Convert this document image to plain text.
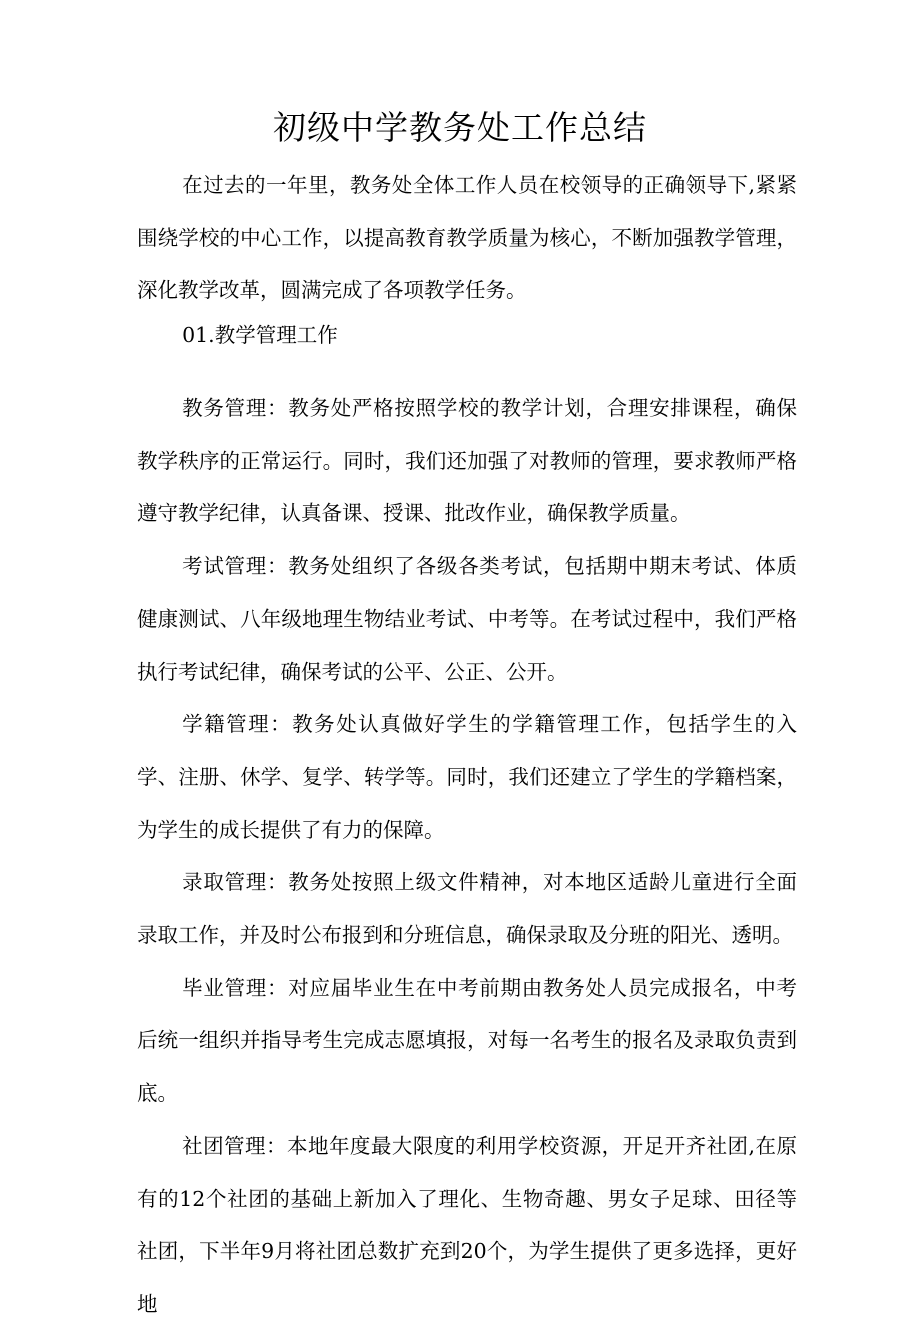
初级中学教务处工作总结

在过去的一年里，教务处全体工作人员在校领导的正确领导下,紧紧围绕学校的中心工作，以提高教育教学质量为核心，不断加强教学管理，深化教学改革，圆满完成了各项教学任务。

01.教学管理工作

教务管理：教务处严格按照学校的教学计划，合理安排课程，确保教学秩序的正常运行。同时，我们还加强了对教师的管理，要求教师严格遵守教学纪律，认真备课、授课、批改作业，确保教学质量。

考试管理：教务处组织了各级各类考试，包括期中期末考试、体质健康测试、八年级地理生物结业考试、中考等。在考试过程中，我们严格执行考试纪律，确保考试的公平、公正、公开。

学籍管理：教务处认真做好学生的学籍管理工作，包括学生的入学、注册、休学、复学、转学等。同时，我们还建立了学生的学籍档案，为学生的成长提供了有力的保障。

录取管理：教务处按照上级文件精神，对本地区适龄儿童进行全面录取工作，并及时公布报到和分班信息，确保录取及分班的阳光、透明。

毕业管理：对应届毕业生在中考前期由教务处人员完成报名，中考后统一组织并指导考生完成志愿填报，对每一名考生的报名及录取负责到底。

社团管理：本地年度最大限度的利用学校资源，开足开齐社团,在原有的12个社团的基础上新加入了理化、生物奇趣、男女子足球、田径等社团，下半年9月将社团总数扩充到20个，为学生提供了更多选择，更好地
